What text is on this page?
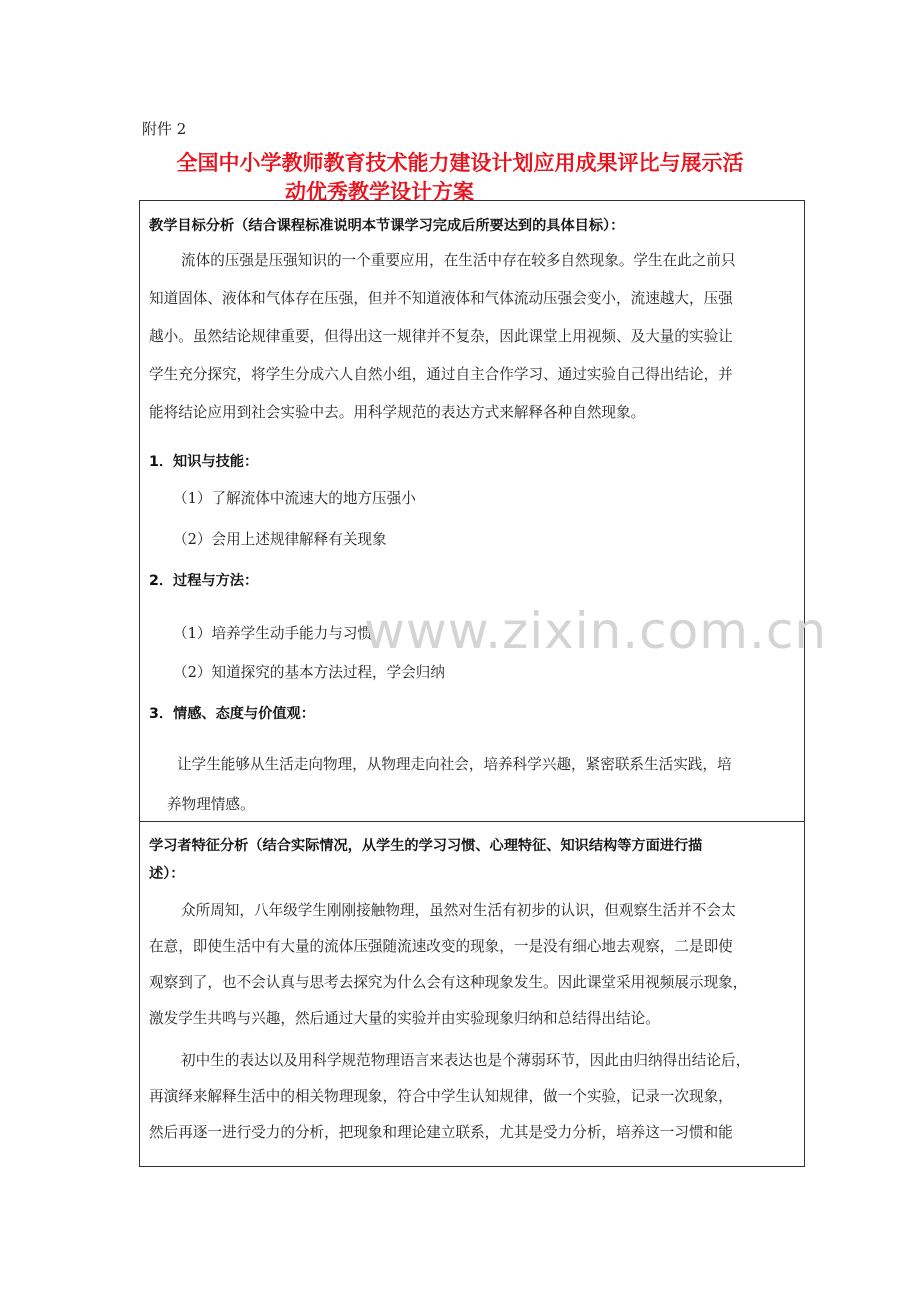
附件 2
全国中小学教师教育技术能力建设计划应用成果评比与展示活
动优秀教学设计方案
教学目标分析（结合课程标准说明本节课学习完成后所要达到的具体目标）：
流体的压强是压强知识的一个重要应用，在生活中存在较多自然现象。学生在此之前只
知道固体、液体和气体存在压强，但并不知道液体和气体流动压强会变小，流速越大，压强
越小。虽然结论规律重要，但得出这一规律并不复杂，因此课堂上用视频、及大量的实验让
学生充分探究，将学生分成六人自然小组，通过自主合作学习、通过实验自己得出结论，并
能将结论应用到社会实验中去。用科学规范的表达方式来解释各种自然现象。
1．知识与技能：
（1）了解流体中流速大的地方压强小
（2）会用上述规律解释有关现象
2．过程与方法：
（1）培养学生动手能力与习惯
（2）知道探究的基本方法过程，学会归纳
3．情感、态度与价值观：
让学生能够从生活走向物理，从物理走向社会，培养科学兴趣，紧密联系生活实践，培
养物理情感。
学习者特征分析（结合实际情况，从学生的学习习惯、心理特征、知识结构等方面进行描
述）：
众所周知，八年级学生刚刚接触物理，虽然对生活有初步的认识，但观察生活并不会太
在意，即使生活中有大量的流体压强随流速改变的现象，一是没有细心地去观察，二是即使
观察到了，也不会认真与思考去探究为什么会有这种现象发生。因此课堂采用视频展示现象，
激发学生共鸣与兴趣，然后通过大量的实验并由实验现象归纳和总结得出结论。
初中生的表达以及用科学规范物理语言来表达也是个薄弱环节，因此由归纳得出结论后，
再演绎来解释生活中的相关物理现象，符合中学生认知规律，做一个实验，记录一次现象，
然后再逐一进行受力的分析，把现象和理论建立联系，尤其是受力分析，培养这一习惯和能
www.zixin.com.cn
